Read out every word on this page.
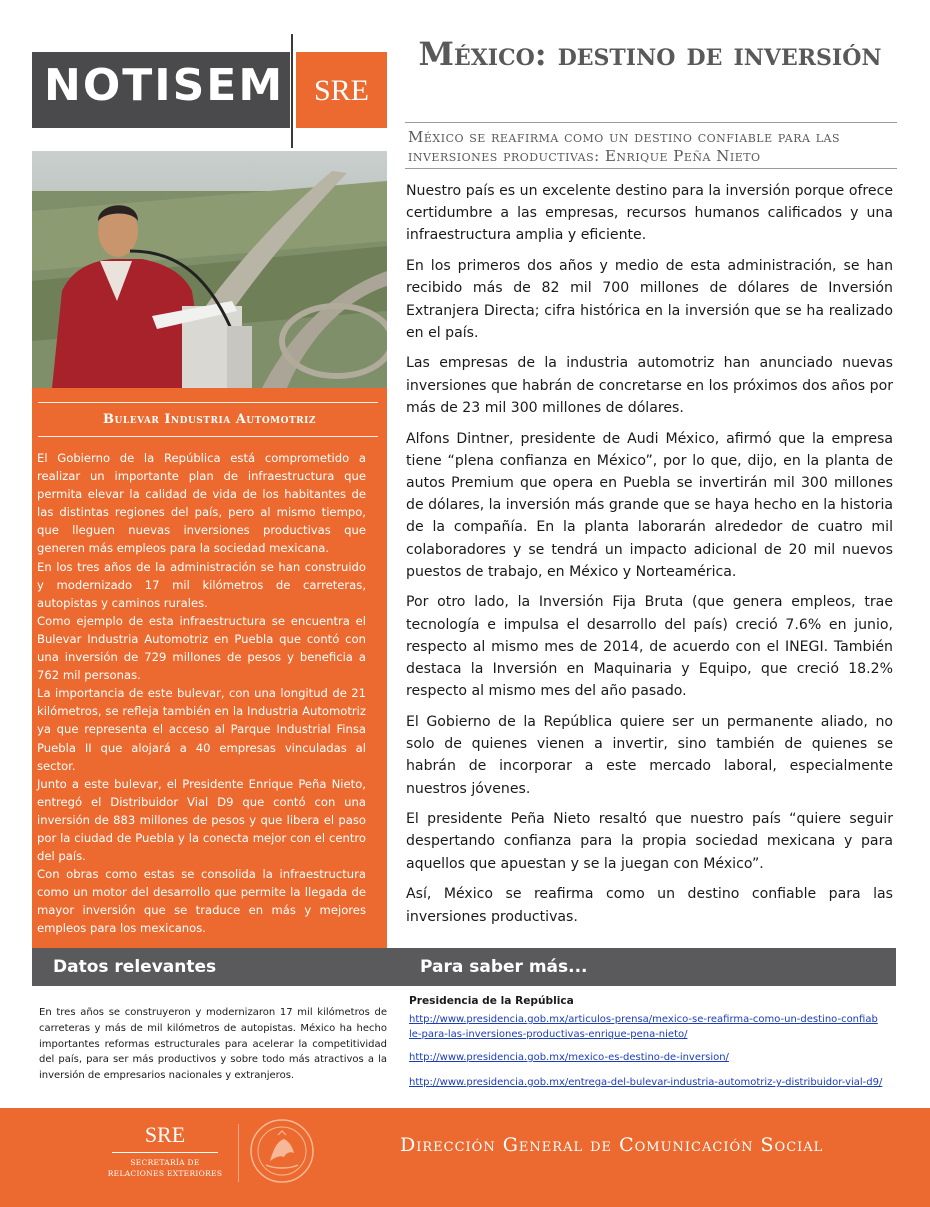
NOTISEM SRE
México: destino de inversión
México se reafirma como un destino confiable para las inversiones productivas: Enrique Peña Nieto
Bulevar Industria Automotriz

El Gobierno de la República está comprometido a realizar un importante plan de infraestructura que permita elevar la calidad de vida de los habitantes de las distintas regiones del país, pero al mismo tiempo, que lleguen nuevas inversiones productivas que generen más empleos para la sociedad mexicana.

En los tres años de la administración se han construido y modernizado 17 mil kilómetros de carreteras, autopistas y caminos rurales.

Como ejemplo de esta infraestructura se encuentra el Bulevar Industria Automotriz en Puebla que contó con una inversión de 729 millones de pesos y beneficia a 762 mil personas.

La importancia de este bulevar, con una longitud de 21 kilómetros, se refleja también en la Industria Automotriz ya que representa el acceso al Parque Industrial Finsa Puebla II que alojará a 40 empresas vinculadas al sector.

Junto a este bulevar, el Presidente Enrique Peña Nieto, entregó el Distribuidor Vial D9 que contó con una inversión de 883 millones de pesos y que libera el paso por la ciudad de Puebla y la conecta mejor con el centro del país.

Con obras como estas se consolida la infraestructura como un motor del desarrollo que permite la llegada de mayor inversión que se traduce en más y mejores empleos para los mexicanos.

Nuestro país es un excelente destino para la inversión porque ofrece certidumbre a las empresas, recursos humanos calificados y una infraestructura amplia y eficiente.

En los primeros dos años y medio de esta administración, se han recibido más de 82 mil 700 millones de dólares de Inversión Extranjera Directa; cifra histórica en la inversión que se ha realizado en el país.

Las empresas de la industria automotriz han anunciado nuevas inversiones que habrán de concretarse en los próximos dos años por más de 23 mil 300 millones de dólares.

Alfons Dintner, presidente de Audi México, afirmó que la empresa tiene “plena confianza en México”, por lo que, dijo, en la planta de autos Premium que opera en Puebla se invertirán mil 300 millones de dólares, la inversión más grande que se haya hecho en la historia de la compañía. En la planta laborarán alrededor de cuatro mil colaboradores y se tendrá un impacto adicional de 20 mil nuevos puestos de trabajo, en México y Norteamérica.

Por otro lado, la Inversión Fija Bruta (que genera empleos, trae tecnología e impulsa el desarrollo del país) creció 7.6% en junio, respecto al mismo mes de 2014, de acuerdo con el INEGI. También destaca la Inversión en Maquinaria y Equipo, que creció 18.2% respecto al mismo mes del año pasado.

El Gobierno de la República quiere ser un permanente aliado, no solo de quienes vienen a invertir, sino también de quienes se habrán de incorporar a este mercado laboral, especialmente nuestros jóvenes.

El presidente Peña Nieto resaltó que nuestro país “quiere seguir despertando confianza para la propia sociedad mexicana y para aquellos que apuestan y se la juegan con México”.

Así, México se reafirma como un destino confiable para las inversiones productivas.

Datos relevantes	Para saber más...
En tres años se construyeron y modernizaron 17 mil kilómetros de carreteras y más de mil kilómetros de autopistas. México ha hecho importantes reformas estructurales para acelerar la competitividad del país, para ser más productivos y sobre todo más atractivos a la inversión de empresarios nacionales y extranjeros.
Presidencia de la República
http://www.presidencia.gob.mx/articulos-prensa/mexico-se-reafirma-como-un-destino-confiable-para-las-inversiones-productivas-enrique-pena-nieto/
http://www.presidencia.gob.mx/mexico-es-destino-de-inversion/
http://www.presidencia.gob.mx/entrega-del-bulevar-industria-automotriz-y-distribuidor-vial-d9/
SRE
SECRETARÍA DE
RELACIONES EXTERIORES
Dirección General de Comunicación Social
